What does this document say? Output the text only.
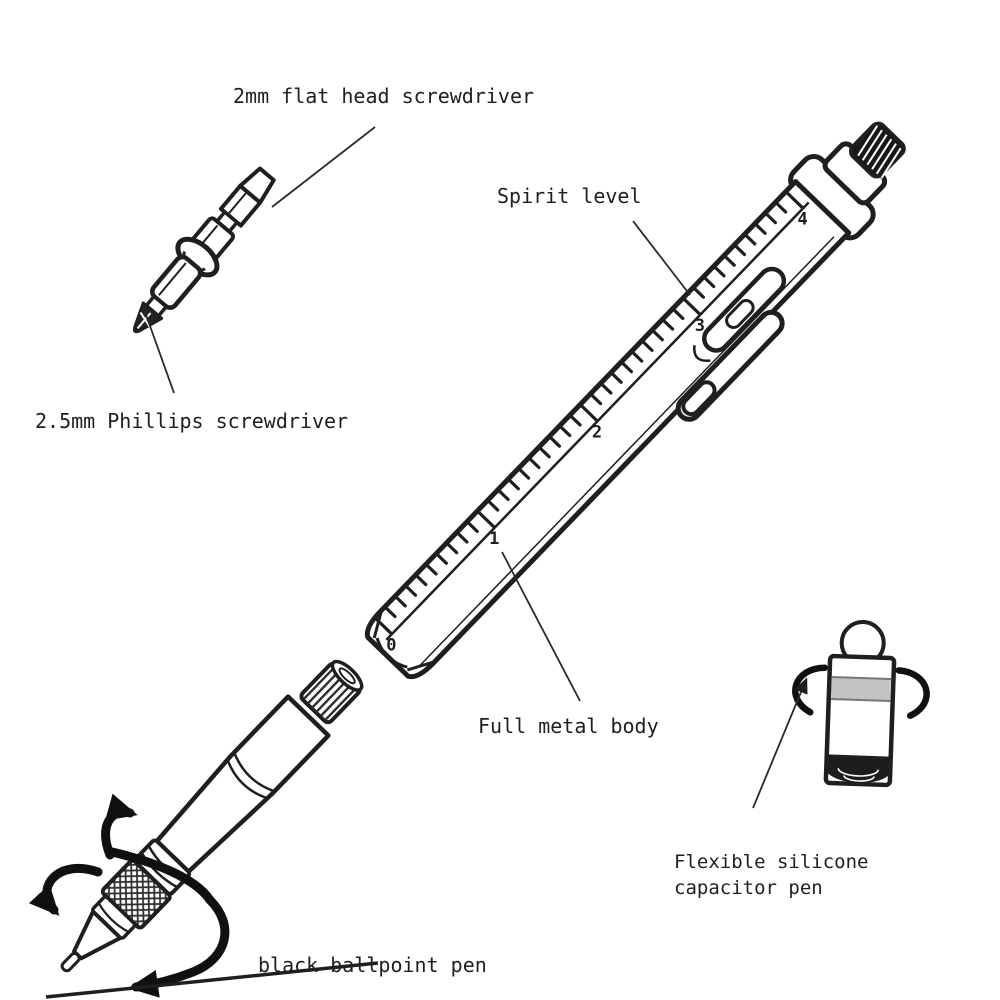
0
1
2
3
4
2mm flat head screwdriver
Spirit level
2.5mm Phillips screwdriver
Full metal body
Flexible silicone
capacitor pen
black ballpoint pen
